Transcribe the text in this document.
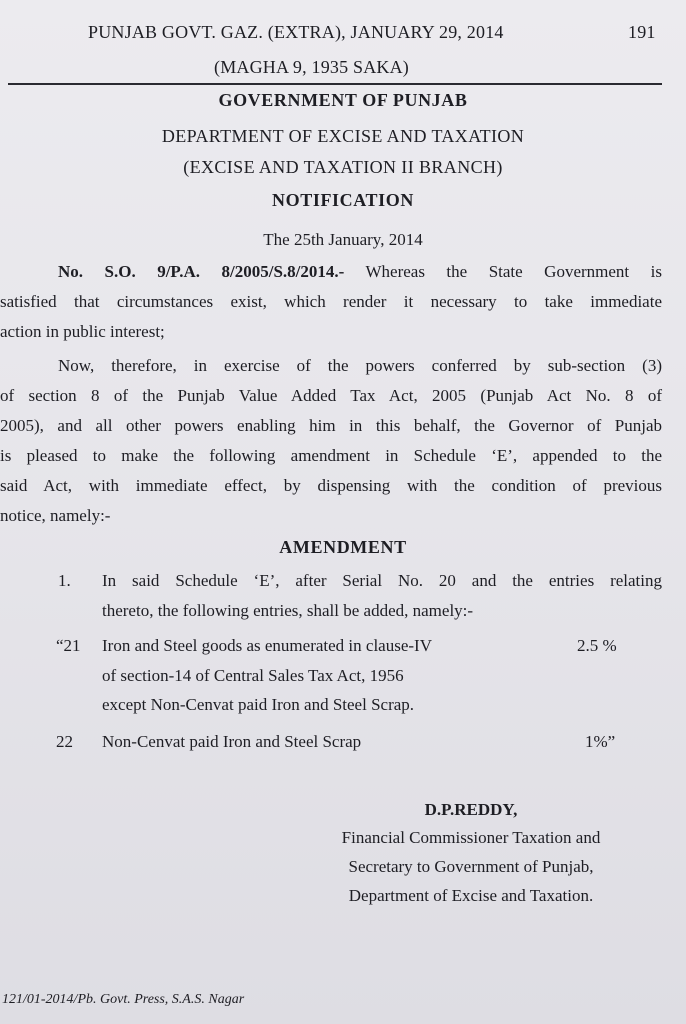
PUNJAB GOVT. GAZ. (EXTRA), JANUARY 29, 2014	191
(MAGHA 9, 1935 SAKA)
GOVERNMENT OF PUNJAB
DEPARTMENT OF EXCISE AND TAXATION
(EXCISE AND TAXATION II BRANCH)
NOTIFICATION
The 25th January, 2014
No. S.O. 9/P.A. 8/2005/S.8/2014.- Whereas the State Government is
satisfied that circumstances exist, which render it necessary to take immediate
action in public interest;
Now, therefore, in exercise of the powers conferred by sub-section (3)
of section 8 of the Punjab Value Added Tax Act, 2005 (Punjab Act No. 8 of
2005), and all other powers enabling him in this behalf, the Governor of Punjab
is pleased to make the following amendment in Schedule ‘E’, appended to the
said Act, with immediate effect, by dispensing with the condition of previous
notice, namely:-
AMENDMENT
1. In said Schedule ‘E’, after Serial No. 20 and the entries relating
thereto, the following entries, shall be added, namely:-
“21 Iron and Steel goods as enumerated in clause-IV	2.5 %
of section-14 of Central Sales Tax Act, 1956
except Non-Cenvat paid Iron and Steel Scrap.
22 Non-Cenvat paid Iron and Steel Scrap	1%”
D.P.REDDY,
Financial Commissioner Taxation and
Secretary to Government of Punjab,
Department of Excise and Taxation.
121/01-2014/Pb. Govt. Press, S.A.S. Nagar
